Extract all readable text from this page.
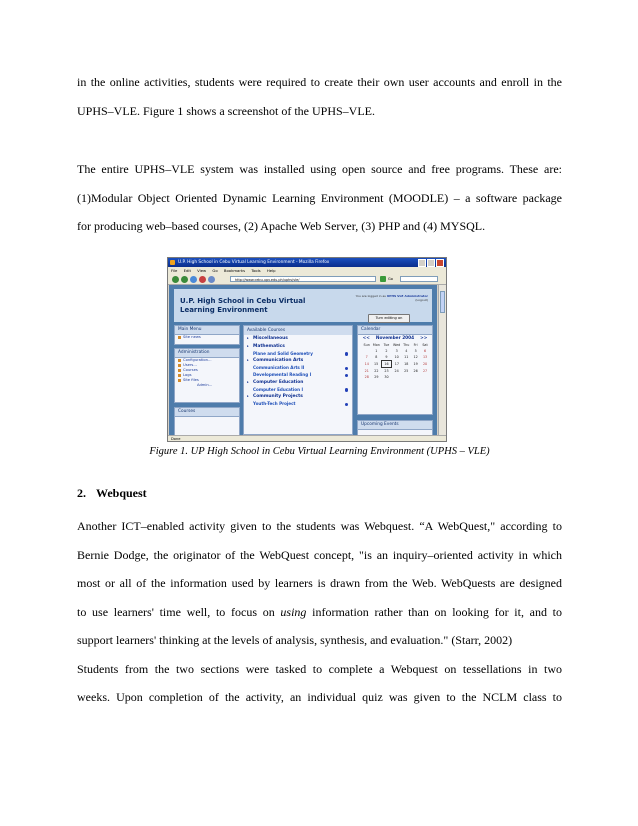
in the online activities, students were required to create their own user accounts and enroll in the
UPHS–VLE. Figure 1 shows a screenshot of the UPHS–VLE.

The entire UPHS–VLE system was installed using open source and free programs. These are:
(1)Modular Object Oriented Dynamic Learning Environment (MOODLE) – a software package
for producing web–based courses, (2) Apache Web Server, (3) PHP and (4) MYSQL.

U.P. High School in Cebu Virtual Learning Environment - Mozilla Firefox
File Edit View Go Bookmarks Tools Help
http://www.cebu.upv.edu.ph/uphs/vle/	Go
U.P. High School in Cebu Virtual Learning Environment
You are logged in as UPHS VLE Administrator (Logout)
Turn editing on
Main Menu
Site news
Administration
Configuration...
Users...
Courses
Logs
Site files
Admin...
Courses
Available Courses
▸ Miscellaneous
▸ Mathematics
Plane and Solid Geometry
▸ Communication Arts
Communication Arts II
Developmental Reading I
▸ Computer Education
Computer Education I
▸ Community Projects
Youth-Tech Project
Calendar
<< November 2004 >>
Sun	Mon	Tue	Wed	Thu	Fri	Sat
	1	2	3	4	5	6
7	8	9	10	11	12	13
14	15	16	17	18	19	20
21	22	23	24	25	26	27
28	29	30				
Upcoming Events
Done

Figure 1. UP High School in Cebu Virtual Learning Environment (UPHS – VLE)

2. Webquest

Another ICT–enabled activity given to the students was Webquest. “A WebQuest," according to
Bernie Dodge, the originator of the WebQuest concept, "is an inquiry–oriented activity in which
most or all of the information used by learners is drawn from the Web. WebQuests are designed
to use learners' time well, to focus on using information rather than on looking for it, and to
support learners' thinking at the levels of analysis, synthesis, and evaluation." (Starr, 2002)
Students from the two sections were tasked to complete a Webquest on tessellations in two
weeks. Upon completion of the activity, an individual quiz was given to the NCLM class to
